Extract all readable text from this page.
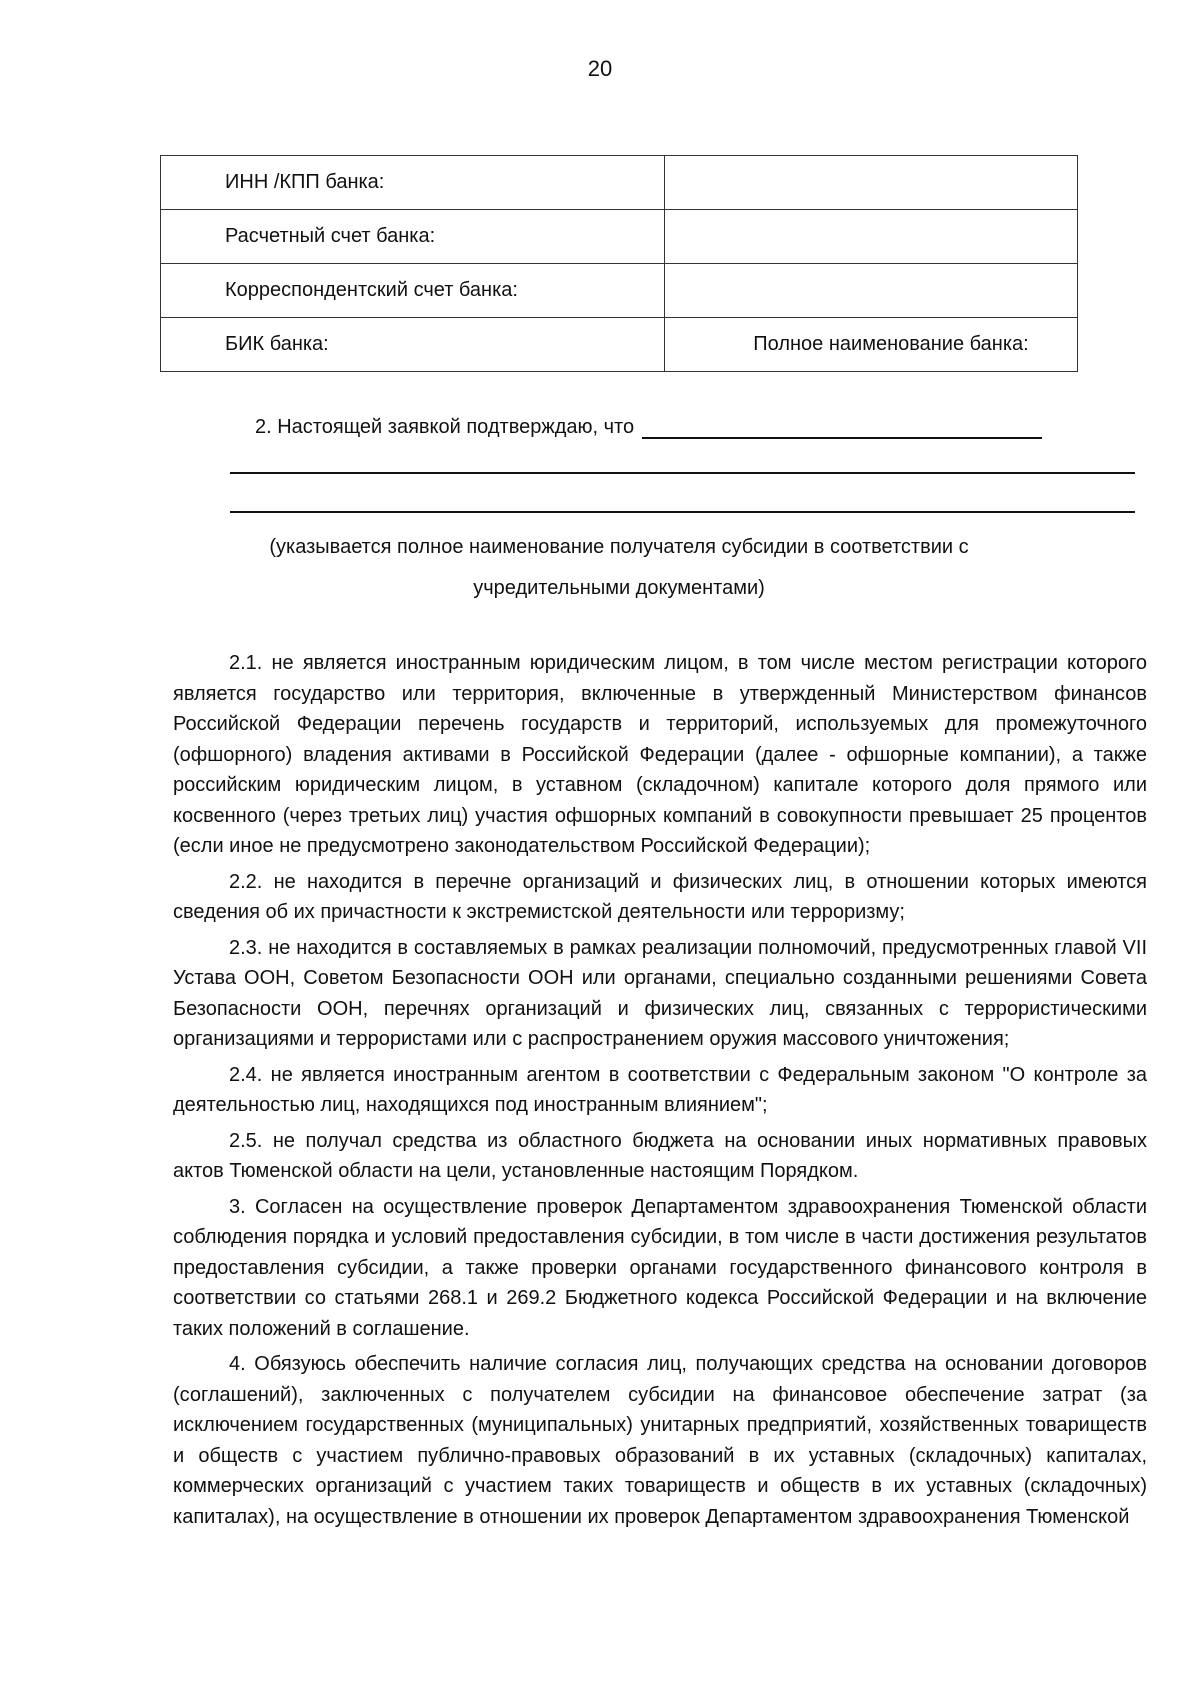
20
ИНН /КПП банка:	
Расчетный счет банка:	
Корреспондентский счет банка:	
БИК банка:	Полное наименование банка:
2. Настоящей заявкой подтверждаю, что
(указывается полное наименование получателя субсидии в соответствии с
учредительными документами)

2.1. не является иностранным юридическим лицом, в том числе местом регистрации которого является государство или территория, включенные в утвержденный Министерством финансов Российской Федерации перечень государств и территорий, используемых для промежуточного (офшорного) владения активами в Российской Федерации (далее - офшорные компании), а также российским юридическим лицом, в уставном (складочном) капитале которого доля прямого или косвенного (через третьих лиц) участия офшорных компаний в совокупности превышает 25 процентов (если иное не предусмотрено законодательством Российской Федерации);

2.2. не находится в перечне организаций и физических лиц, в отношении которых имеются сведения об их причастности к экстремистской деятельности или терроризму;

2.3. не находится в составляемых в рамках реализации полномочий, предусмотренных главой VII Устава ООН, Советом Безопасности ООН или органами, специально созданными решениями Совета Безопасности ООН, перечнях организаций и физических лиц, связанных с террористическими организациями и террористами или с распространением оружия массового уничтожения;

2.4. не является иностранным агентом в соответствии с Федеральным законом "О контроле за деятельностью лиц, находящихся под иностранным влиянием";

2.5. не получал средства из областного бюджета на основании иных нормативных правовых актов Тюменской области на цели, установленные настоящим Порядком.

3. Согласен на осуществление проверок Департаментом здравоохранения Тюменской области соблюдения порядка и условий предоставления субсидии, в том числе в части достижения результатов предоставления субсидии, а также проверки органами государственного финансового контроля в соответствии со статьями 268.1 и 269.2 Бюджетного кодекса Российской Федерации и на включение таких положений в соглашение.

4. Обязуюсь обеспечить наличие согласия лиц, получающих средства на основании договоров (соглашений), заключенных с получателем субсидии на финансовое обеспечение затрат (за исключением государственных (муниципальных) унитарных предприятий, хозяйственных товариществ и обществ с участием публично-правовых образований в их уставных (складочных) капиталах, коммерческих организаций с участием таких товариществ и обществ в их уставных (складочных) капиталах), на осуществление в отношении их проверок Департаментом здравоохранения Тюменской
